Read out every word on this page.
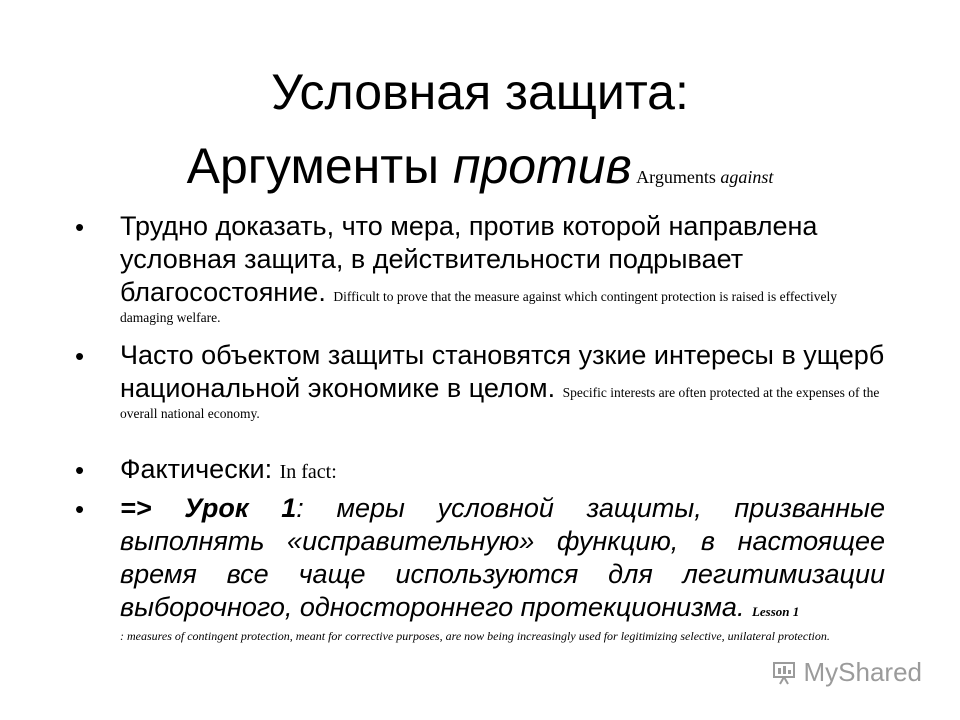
Условная защита:
Аргументы против Arguments against
• Трудно доказать, что мера, против которой направлена условная защита, в действительности подрывает благосостояние. Difficult to prove that the measure against which contingent protection is raised is effectively damaging welfare.
• Часто объектом защиты становятся узкие интересы в ущерб национальной экономике в целом. Specific interests are often protected at the expenses of the overall national economy.
• Фактически: In fact:
• => Урок 1: меры условной защиты, призванные выполнять «исправительную» функцию, в настоящее время все чаще используются для легитимизации выборочного, одностороннего протекционизма. Lesson 1
: measures of contingent protection, meant for corrective purposes, are now being increasingly used for legitimizing selective, unilateral protection.
MyShared
